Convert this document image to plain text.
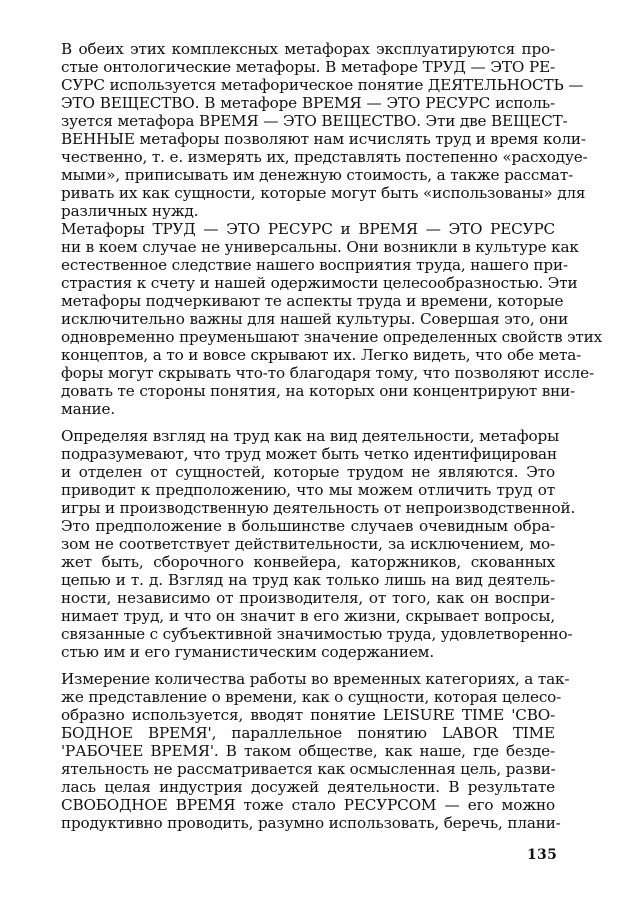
В обеих этих комплексных метафорах эксплуатируются про-
стые онтологические метафоры. В метафоре ТРУД — ЭТО РЕ-
СУРС используется метафорическое понятие ДЕЯТЕЛЬНОСТЬ —
ЭТО ВЕЩЕСТВО. В метафоре ВРЕМЯ — ЭТО РЕСУРС исполь-
зуется метафора ВРЕМЯ — ЭТО ВЕЩЕСТВО. Эти две ВЕЩЕСТ-
ВЕННЫЕ метафоры позволяют нам исчислять труд и время коли-
чественно, т. е. измерять их, представлять постепенно «расходуе-
мыми», приписывать им денежную стоимость, а также рассмат-
ривать их как сущности, которые могут быть «использованы» для
различных нужд.
Метафоры ТРУД — ЭТО РЕСУРС и ВРЕМЯ — ЭТО РЕСУРС
ни в коем случае не универсальны. Они возникли в культуре как
естественное следствие нашего восприятия труда, нашего при-
страстия к счету и нашей одержимости целесообразностью. Эти
метафоры подчеркивают те аспекты труда и времени, которые
исключительно важны для нашей культуры. Совершая это, они
одновременно преуменьшают значение определенных свойств этих
концептов, а то и вовсе скрывают их. Легко видеть, что обе мета-
форы могут скрывать что-то благодаря тому, что позволяют иссле-
довать те стороны понятия, на которых они концентрируют вни-
мание.
Определяя взгляд на труд как на вид деятельности, метафоры
подразумевают, что труд может быть четко идентифицирован
и отделен от сущностей, которые трудом не являются. Это
приводит к предположению, что мы можем отличить труд от
игры и производственную деятельность от непроизводственной.
Это предположение в большинстве случаев очевидным обра-
зом не соответствует действительности, за исключением, мо-
жет быть, сборочного конвейера, каторжников, скованных
цепью и т. д. Взгляд на труд как только лишь на вид деятель-
ности, независимо от производителя, от того, как он воспри-
нимает труд, и что он значит в его жизни, скрывает вопросы,
связанные с субъективной значимостью труда, удовлетворенно-
стью им и его гуманистическим содержанием.
Измерение количества работы во временных категориях, а так-
же представление о времени, как о сущности, которая целесо-
образно используется, вводят понятие LEISURE TIME 'СВО-
БОДНОЕ ВРЕМЯ', параллельное понятию LABOR TIME
'РАБОЧЕЕ ВРЕМЯ'. В таком обществе, как наше, где безде-
ятельность не рассматривается как осмысленная цель, разви-
лась целая индустрия досужей деятельности. В результате
СВОБОДНОЕ ВРЕМЯ тоже стало РЕСУРСОМ — его можно
продуктивно проводить, разумно использовать, беречь, плани-
135
